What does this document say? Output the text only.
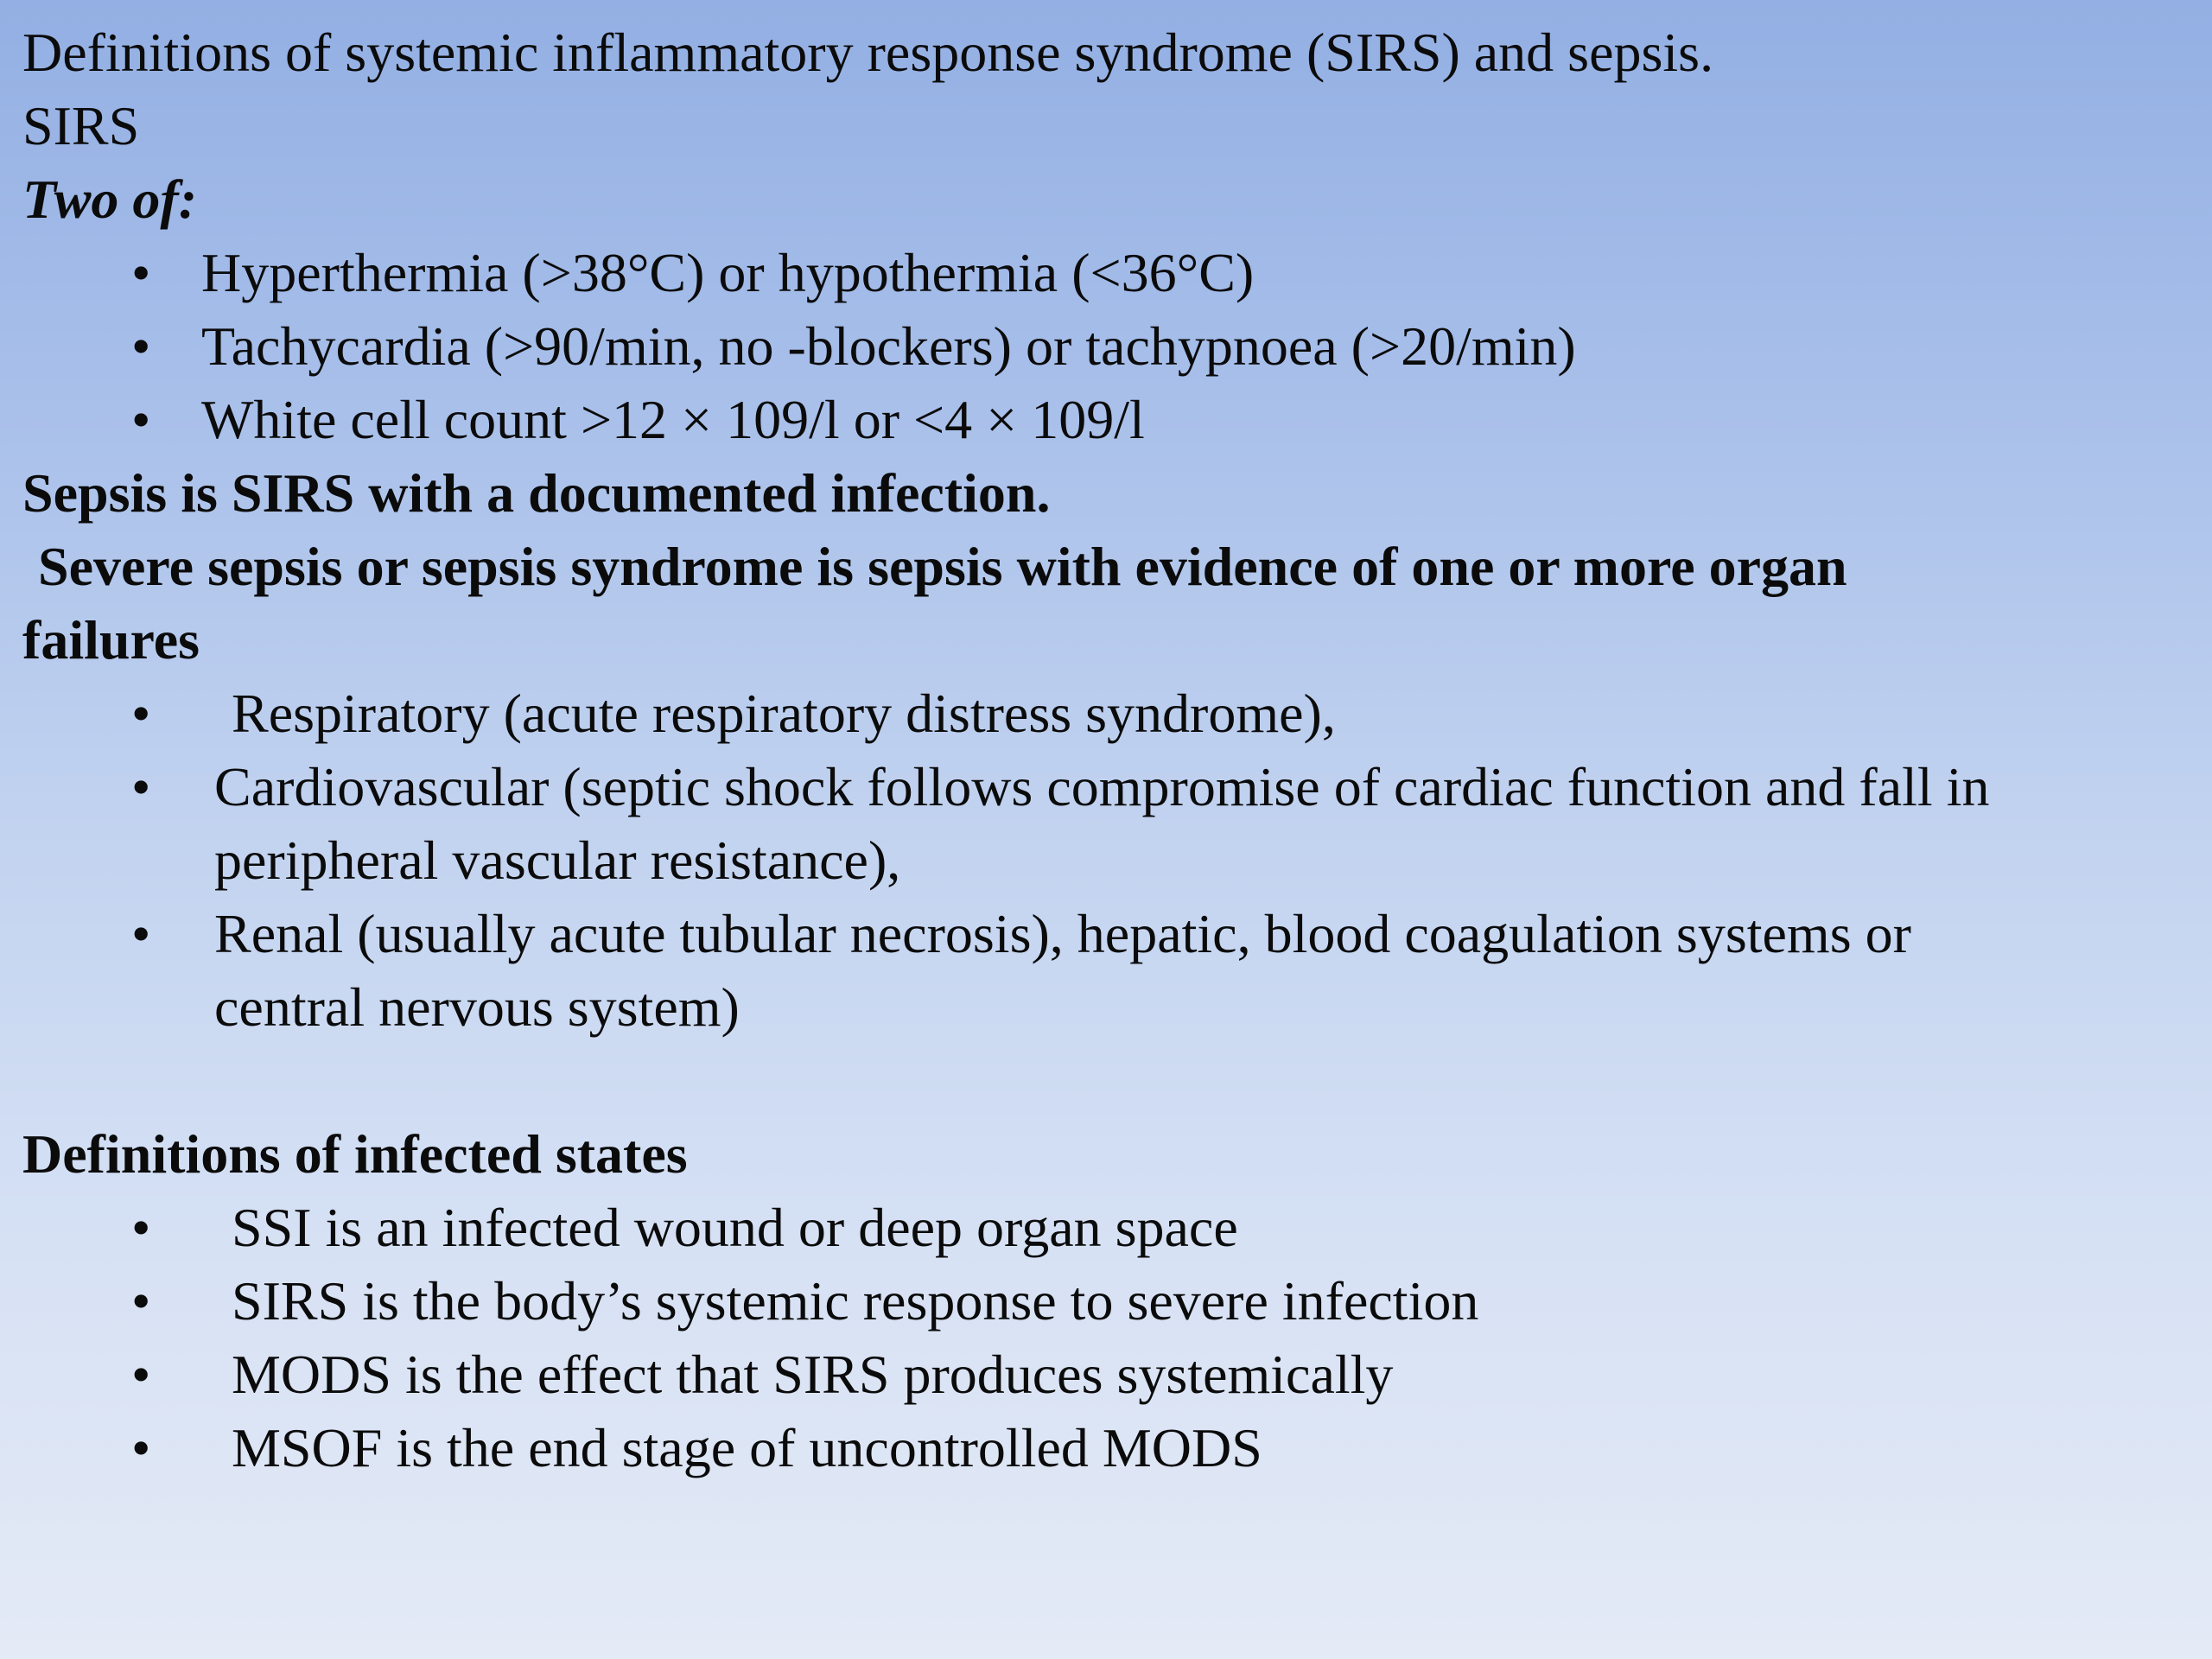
Definitions of systemic inflammatory response syndrome (SIRS) and sepsis.
SIRS
Two of:
• Hyperthermia (>38°C) or hypothermia (<36°C)
• Tachycardia (>90/min, no -blockers) or tachypnoea (>20/min)
• White cell count >12 × 109/l or <4 × 109/l
Sepsis is SIRS with a documented infection.
Severe sepsis or sepsis syndrome is sepsis with evidence of one or more organ
failures
• Respiratory (acute respiratory distress syndrome),
• Cardiovascular (septic shock follows compromise of cardiac function and fall in
peripheral vascular resistance),
• Renal (usually acute tubular necrosis), hepatic, blood coagulation systems or
central nervous system)
Definitions of infected states
• SSI is an infected wound or deep organ space
• SIRS is the body’s systemic response to severe infection
• MODS is the effect that SIRS produces systemically
• MSOF is the end stage of uncontrolled MODS
